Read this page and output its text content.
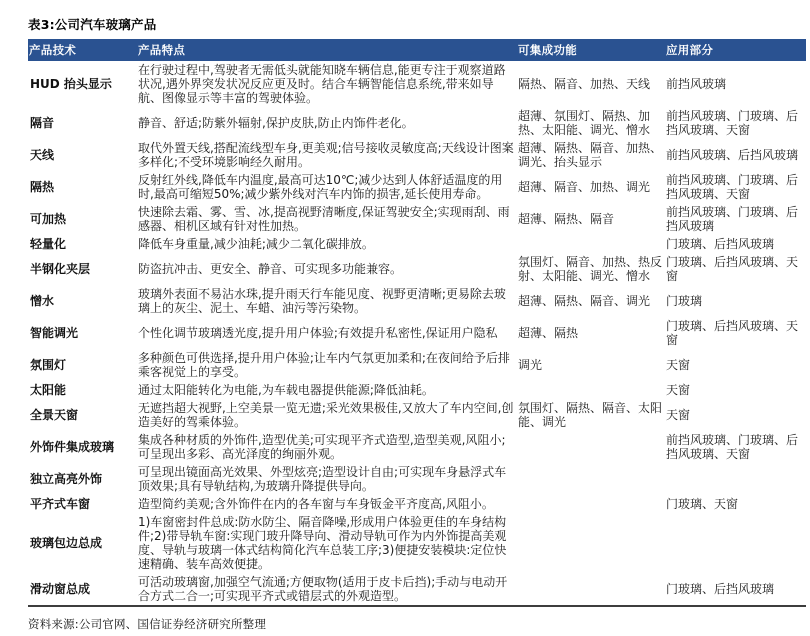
表3:公司汽车玻璃产品
产品技术	产品特点	可集成功能	应用部分
HUD 抬头显示	在行驶过程中,驾驶者无需低头就能知晓车辆信息,能更专注于观察道路状况,遇外界突发状况反应更及时。结合车辆智能信息系统,带来如导航、图像显示等丰富的驾驶体验。	隔热、隔音、加热、天线	前挡风玻璃
隔音	静音、舒适;防紫外辐射,保护皮肤,防止内饰件老化。	超薄、氛围灯、隔热、加热、太阳能、调光、憎水	前挡风玻璃、门玻璃、后挡风玻璃、天窗
天线	取代外置天线,搭配流线型车身,更美观;信号接收灵敏度高;天线设计图案多样化;不受环境影响经久耐用。	超薄、隔热、隔音、加热、调光、抬头显示	前挡风玻璃、后挡风玻璃
隔热	反射红外线,降低车内温度,最高可达10℃;减少达到人体舒适温度的用时,最高可缩短50%;减少紫外线对汽车内饰的损害,延长使用寿命。	超薄、隔音、加热、调光	前挡风玻璃、门玻璃、后挡风玻璃、天窗
可加热	快速除去霜、雾、雪、冰,提高视野清晰度,保证驾驶安全;实现雨刮、雨感器、相机区域有针对性加热。	超薄、隔热、隔音	前挡风玻璃、门玻璃、后挡风玻璃
轻量化	降低车身重量,减少油耗;减少二氧化碳排放。		门玻璃、后挡风玻璃
半钢化夹层	防盗抗冲击、更安全、静音、可实现多功能兼容。	氛围灯、隔音、加热、热反射、太阳能、调光、憎水	门玻璃、后挡风玻璃、天窗
憎水	玻璃外表面不易沾水珠,提升雨天行车能见度、视野更清晰;更易除去玻璃上的灰尘、泥土、车蜡、油污等污染物。	超薄、隔热、隔音、调光	门玻璃
智能调光	个性化调节玻璃透光度,提升用户体验;有效提升私密性,保证用户隐私	超薄、隔热	门玻璃、后挡风玻璃、天窗
氛围灯	多种颜色可供选择,提升用户体验;让车内气氛更加柔和;在夜间给予后排乘客视觉上的享受。	调光	天窗
太阳能	通过太阳能转化为电能,为车载电器提供能源;降低油耗。		天窗
全景天窗	无遮挡超大视野,上空美景一览无遗;采光效果极佳,又放大了车内空间,创造美好的驾乘体验。	氛围灯、隔热、隔音、太阳能、调光	天窗
外饰件集成玻璃	集成各种材质的外饰件,造型优美;可实现平齐式造型,造型美观,风阻小;可呈现出多彩、高光泽度的绚丽外观。		前挡风玻璃、门玻璃、后挡风玻璃、天窗
独立高亮外饰	可呈现出镜面高光效果、外型炫亮;造型设计自由;可实现车身悬浮式车顶效果;具有导轨结构,为玻璃升降提供导向。		
平齐式车窗	造型简约美观;含外饰件在内的各车窗与车身钣金平齐度高,风阻小。		门玻璃、天窗
玻璃包边总成	1)车窗密封件总成:防水防尘、隔音降噪,形成用户体验更佳的车身结构件;2)带导轨车窗:实现门玻升降导向、滑动导轨可作为内外饰提高美观度、导轨与玻璃一体式结构简化汽车总装工序;3)便捷安装模块:定位快速精确、装车高效便捷。		
滑动窗总成	可活动玻璃窗,加强空气流通;方便取物(适用于皮卡后挡);手动与电动开合方式二合一;可实现平齐式或错层式的外观造型。		门玻璃、后挡风玻璃
资料来源:公司官网、国信证券经济研究所整理
